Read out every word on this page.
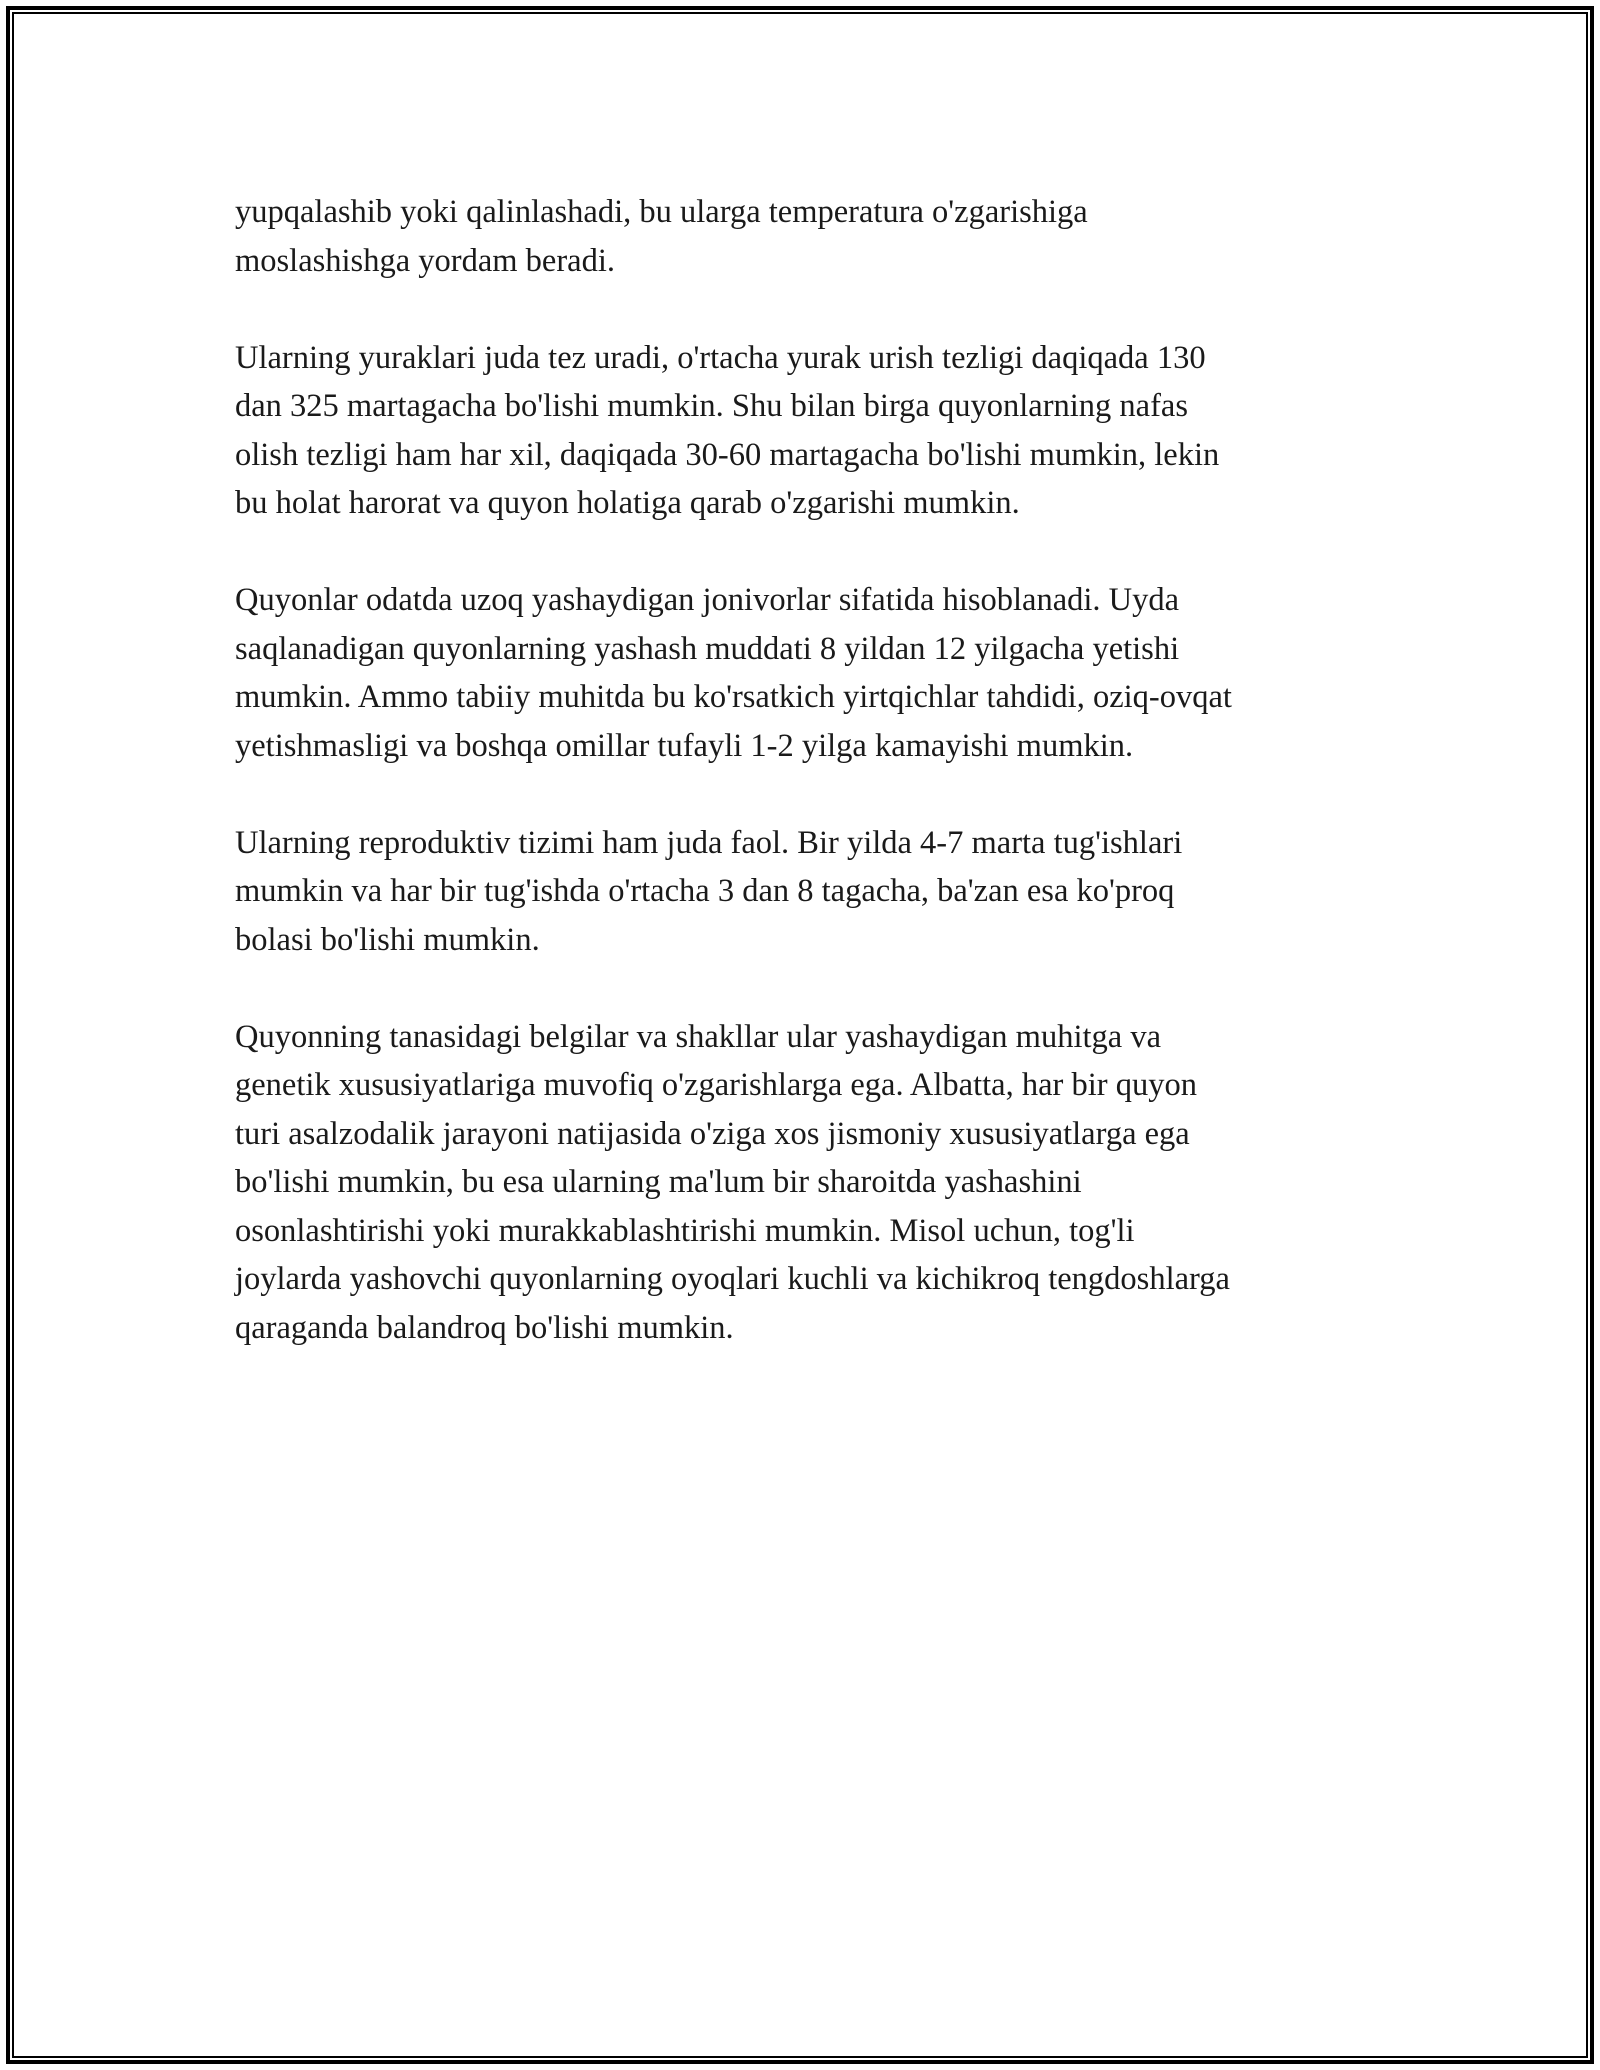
yupqalashib yoki qalinlashadi, bu ularga temperatura o'zgarishiga
moslashishga yordam beradi.

Ularning yuraklari juda tez uradi, o'rtacha yurak urish tezligi daqiqada 130
dan 325 martagacha bo'lishi mumkin. Shu bilan birga quyonlarning nafas
olish tezligi ham har xil, daqiqada 30-60 martagacha bo'lishi mumkin, lekin
bu holat harorat va quyon holatiga qarab o'zgarishi mumkin.

Quyonlar odatda uzoq yashaydigan jonivorlar sifatida hisoblanadi. Uyda
saqlanadigan quyonlarning yashash muddati 8 yildan 12 yilgacha yetishi
mumkin. Ammo tabiiy muhitda bu ko'rsatkich yirtqichlar tahdidi, oziq-ovqat
yetishmasligi va boshqa omillar tufayli 1-2 yilga kamayishi mumkin.

Ularning reproduktiv tizimi ham juda faol. Bir yilda 4-7 marta tug'ishlari
mumkin va har bir tug'ishda o'rtacha 3 dan 8 tagacha, ba'zan esa ko'proq
bolasi bo'lishi mumkin.

Quyonning tanasidagi belgilar va shakllar ular yashaydigan muhitga va
genetik xususiyatlariga muvofiq o'zgarishlarga ega. Albatta, har bir quyon
turi asalzodalik jarayoni natijasida o'ziga xos jismoniy xususiyatlarga ega
bo'lishi mumkin, bu esa ularning ma'lum bir sharoitda yashashini
osonlashtirishi yoki murakkablashtirishi mumkin. Misol uchun, tog'li
joylarda yashovchi quyonlarning oyoqlari kuchli va kichikroq tengdoshlarga
qaraganda balandroq bo'lishi mumkin.
